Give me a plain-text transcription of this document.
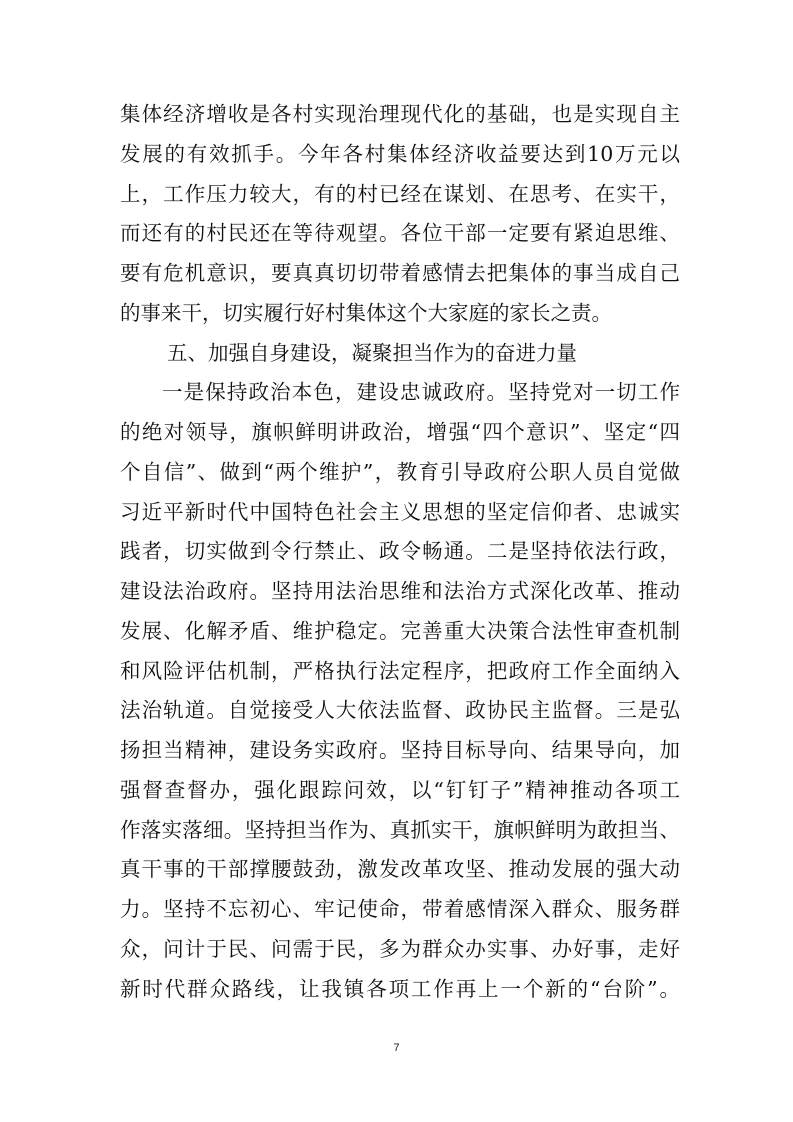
集体经济增收是各村实现治理现代化的基础，也是实现自主
发展的有效抓手。今年各村集体经济收益要达到10万元以
上，工作压力较大，有的村已经在谋划、在思考、在实干，
而还有的村民还在等待观望。各位干部一定要有紧迫思维、
要有危机意识，要真真切切带着感情去把集体的事当成自己
的事来干，切实履行好村集体这个大家庭的家长之责。
五、加强自身建设，凝聚担当作为的奋进力量
一是保持政治本色，建设忠诚政府。坚持党对一切工作
的绝对领导，旗帜鲜明讲政治，增强“四个意识”、坚定“四
个自信”、做到“两个维护”，教育引导政府公职人员自觉做
习近平新时代中国特色社会主义思想的坚定信仰者、忠诚实
践者，切实做到令行禁止、政令畅通。二是坚持依法行政，
建设法治政府。坚持用法治思维和法治方式深化改革、推动
发展、化解矛盾、维护稳定。完善重大决策合法性审查机制
和风险评估机制，严格执行法定程序，把政府工作全面纳入
法治轨道。自觉接受人大依法监督、政协民主监督。三是弘
扬担当精神，建设务实政府。坚持目标导向、结果导向，加
强督查督办，强化跟踪问效，以“钉钉子”精神推动各项工
作落实落细。坚持担当作为、真抓实干，旗帜鲜明为敢担当、
真干事的干部撑腰鼓劲，激发改革攻坚、推动发展的强大动
力。坚持不忘初心、牢记使命，带着感情深入群众、服务群
众，问计于民、问需于民，多为群众办实事、办好事，走好
新时代群众路线，让我镇各项工作再上一个新的“台阶”。
7
